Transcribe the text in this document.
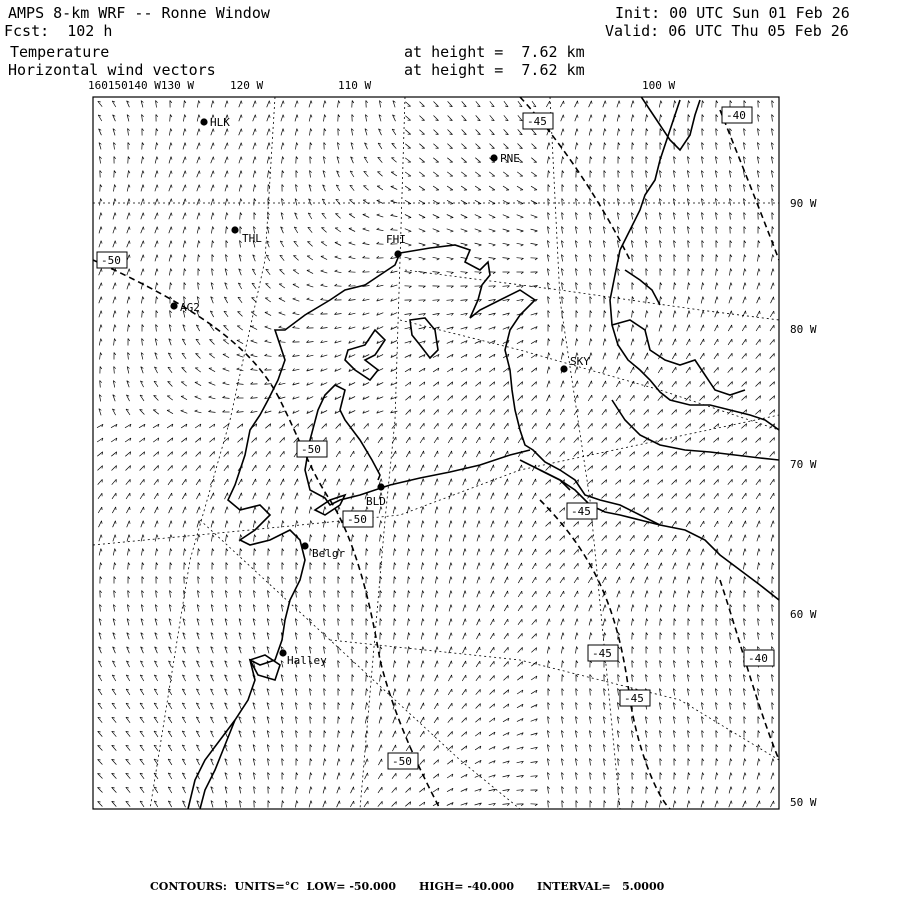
AMPS 8-km WRF -- Ronne Window
Fcst:  102 h
Init: 00 UTC Sun 01 Feb 26
Valid: 06 UTC Thu 05 Feb 26
Temperature
Horizontal wind vectors
at height =  7.62 km
at height =  7.62 km
160150140 W130 W	120 W	110 W	100 W
90 W
80 W
70 W
60 W
50 W
HLK
PNE
THL	FHI
AG2
SKY
BLD
Belgr
Halley
-45	-40
-50
-50
-50
-45
-45
-45
-40
-50
CONTOURS:  UNITS=°C  LOW= -50.000      HIGH= -40.000      INTERVAL=   5.0000
